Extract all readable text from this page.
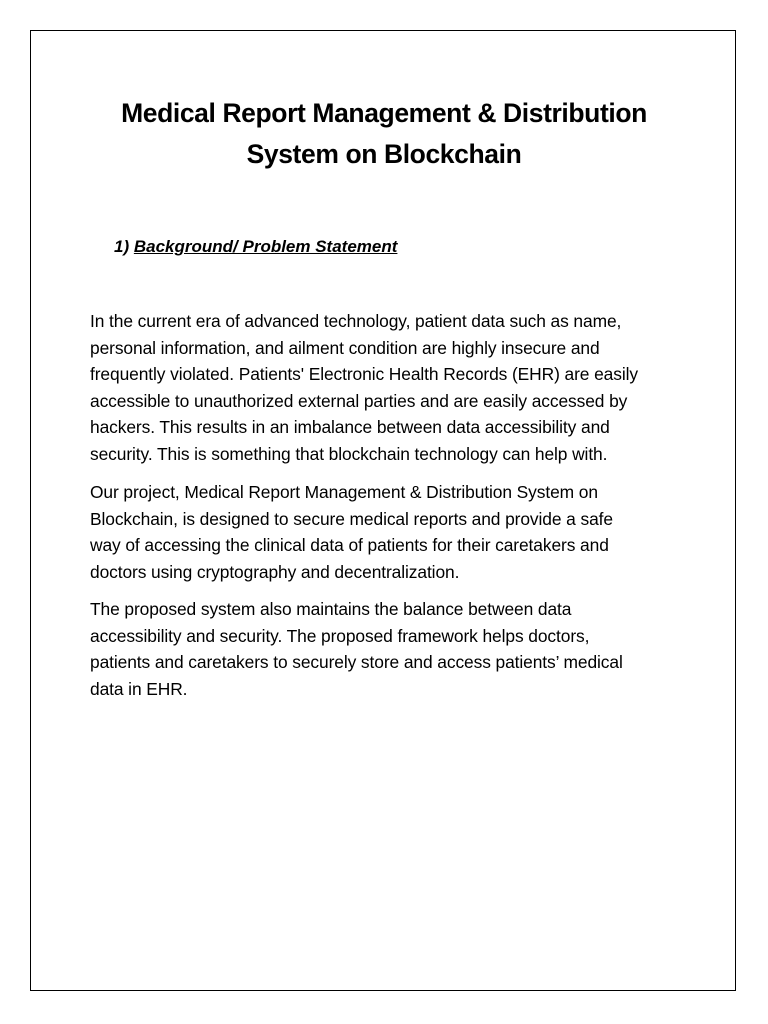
Medical Report Management & Distribution
System on Blockchain
1) Background/ Problem Statement

In the current era of advanced technology, patient data such as name,
personal information, and ailment condition are highly insecure and
frequently violated. Patients' Electronic Health Records (EHR) are easily
accessible to unauthorized external parties and are easily accessed by
hackers. This results in an imbalance between data accessibility and
security. This is something that blockchain technology can help with.

Our project, Medical Report Management & Distribution System on
Blockchain, is designed to secure medical reports and provide a safe
way of accessing the clinical data of patients for their caretakers and
doctors using cryptography and decentralization.

The proposed system also maintains the balance between data
accessibility and security. The proposed framework helps doctors,
patients and caretakers to securely store and access patients’ medical
data in EHR.
